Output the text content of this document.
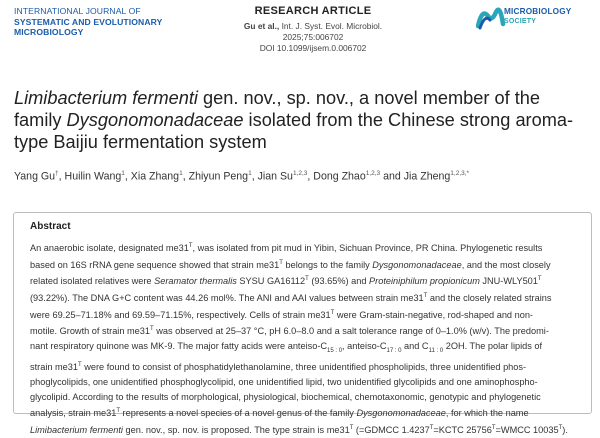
INTERNATIONAL JOURNAL OF
SYSTEMATIC AND EVOLUTIONARY
MICROBIOLOGY
RESEARCH ARTICLE
Gu et al., Int. J. Syst. Evol. Microbiol. 2025;75:006702
DOI 10.1099/ijsem.0.006702
MICROBIOLOGY
SOCIETY
Limibacterium fermenti gen. nov., sp. nov., a novel member of the family Dysgonomonadaceae isolated from the Chinese strong aroma-type Baijiu fermentation system
Yang Gu†, Huilin Wang$^1$, Xia Zhang$^1$, Zhiyun Peng$^1$, Jian Su$^{1,2,3}$, Dong Zhao$^{1,2,3}$ and Jia Zheng$^{1,2,3,*}$
Abstract
An anaerobic isolate, designated $me31^T$, was isolated from pit mud in Yibin, Sichuan Province, PR China. Phylogenetic results
based on 16S rRNA gene sequence showed that strain $me31^T$ belongs to the family Dysgonomonadaceae, and the most closely
related isolated relatives were Seramator thermalis SYSU $GA16112^T$ (93.65%) and Proteiniphilum propionicum JNU-$WLY501^T$
(93.22%). The DNA G+C content was 44.26 mol%. The ANI and AAI values between strain $me31^T$ and the closely related strains
were 69.25–71.18% and 69.59–71.15%, respectively. Cells of strain $me31^T$ were Gram-stain-negative, rod-shaped and non-
motile. Growth of strain $me31^T$ was observed at 25–37 °C, pH 6.0–8.0 and a salt tolerance range of 0–1.0% (w/v). The predomi-
nant respiratory quinone was MK-9. The major fatty acids were anteiso-$C_{15 : 0}$, anteiso-$C_{17 : 0}$ and $C_{11 : 0}$ 2OH. The polar lipids of
strain $me31^T$ were found to consist of phosphatidylethanolamine, three unidentified phospholipids, three unidentified phos-
phoglycolipids, one unidentified phosphoglycolipid, one unidentified lipid, two unidentified glycolipids and one aminophospho-
glycolipid. According to the results of morphological, physiological, biochemical, chemotaxonomic, genotypic and phylogenetic
analysis, strain $me31^T$ represents a novel species of a novel genus of the family Dysgonomonadaceae, for which the name
Limibacterium fermenti gen. nov., sp. nov. is proposed. The type strain is $me31^T$ (=GDMCC $1.4237^T=KCTC$ $25756^T=WMCC$ $10035^T$).
